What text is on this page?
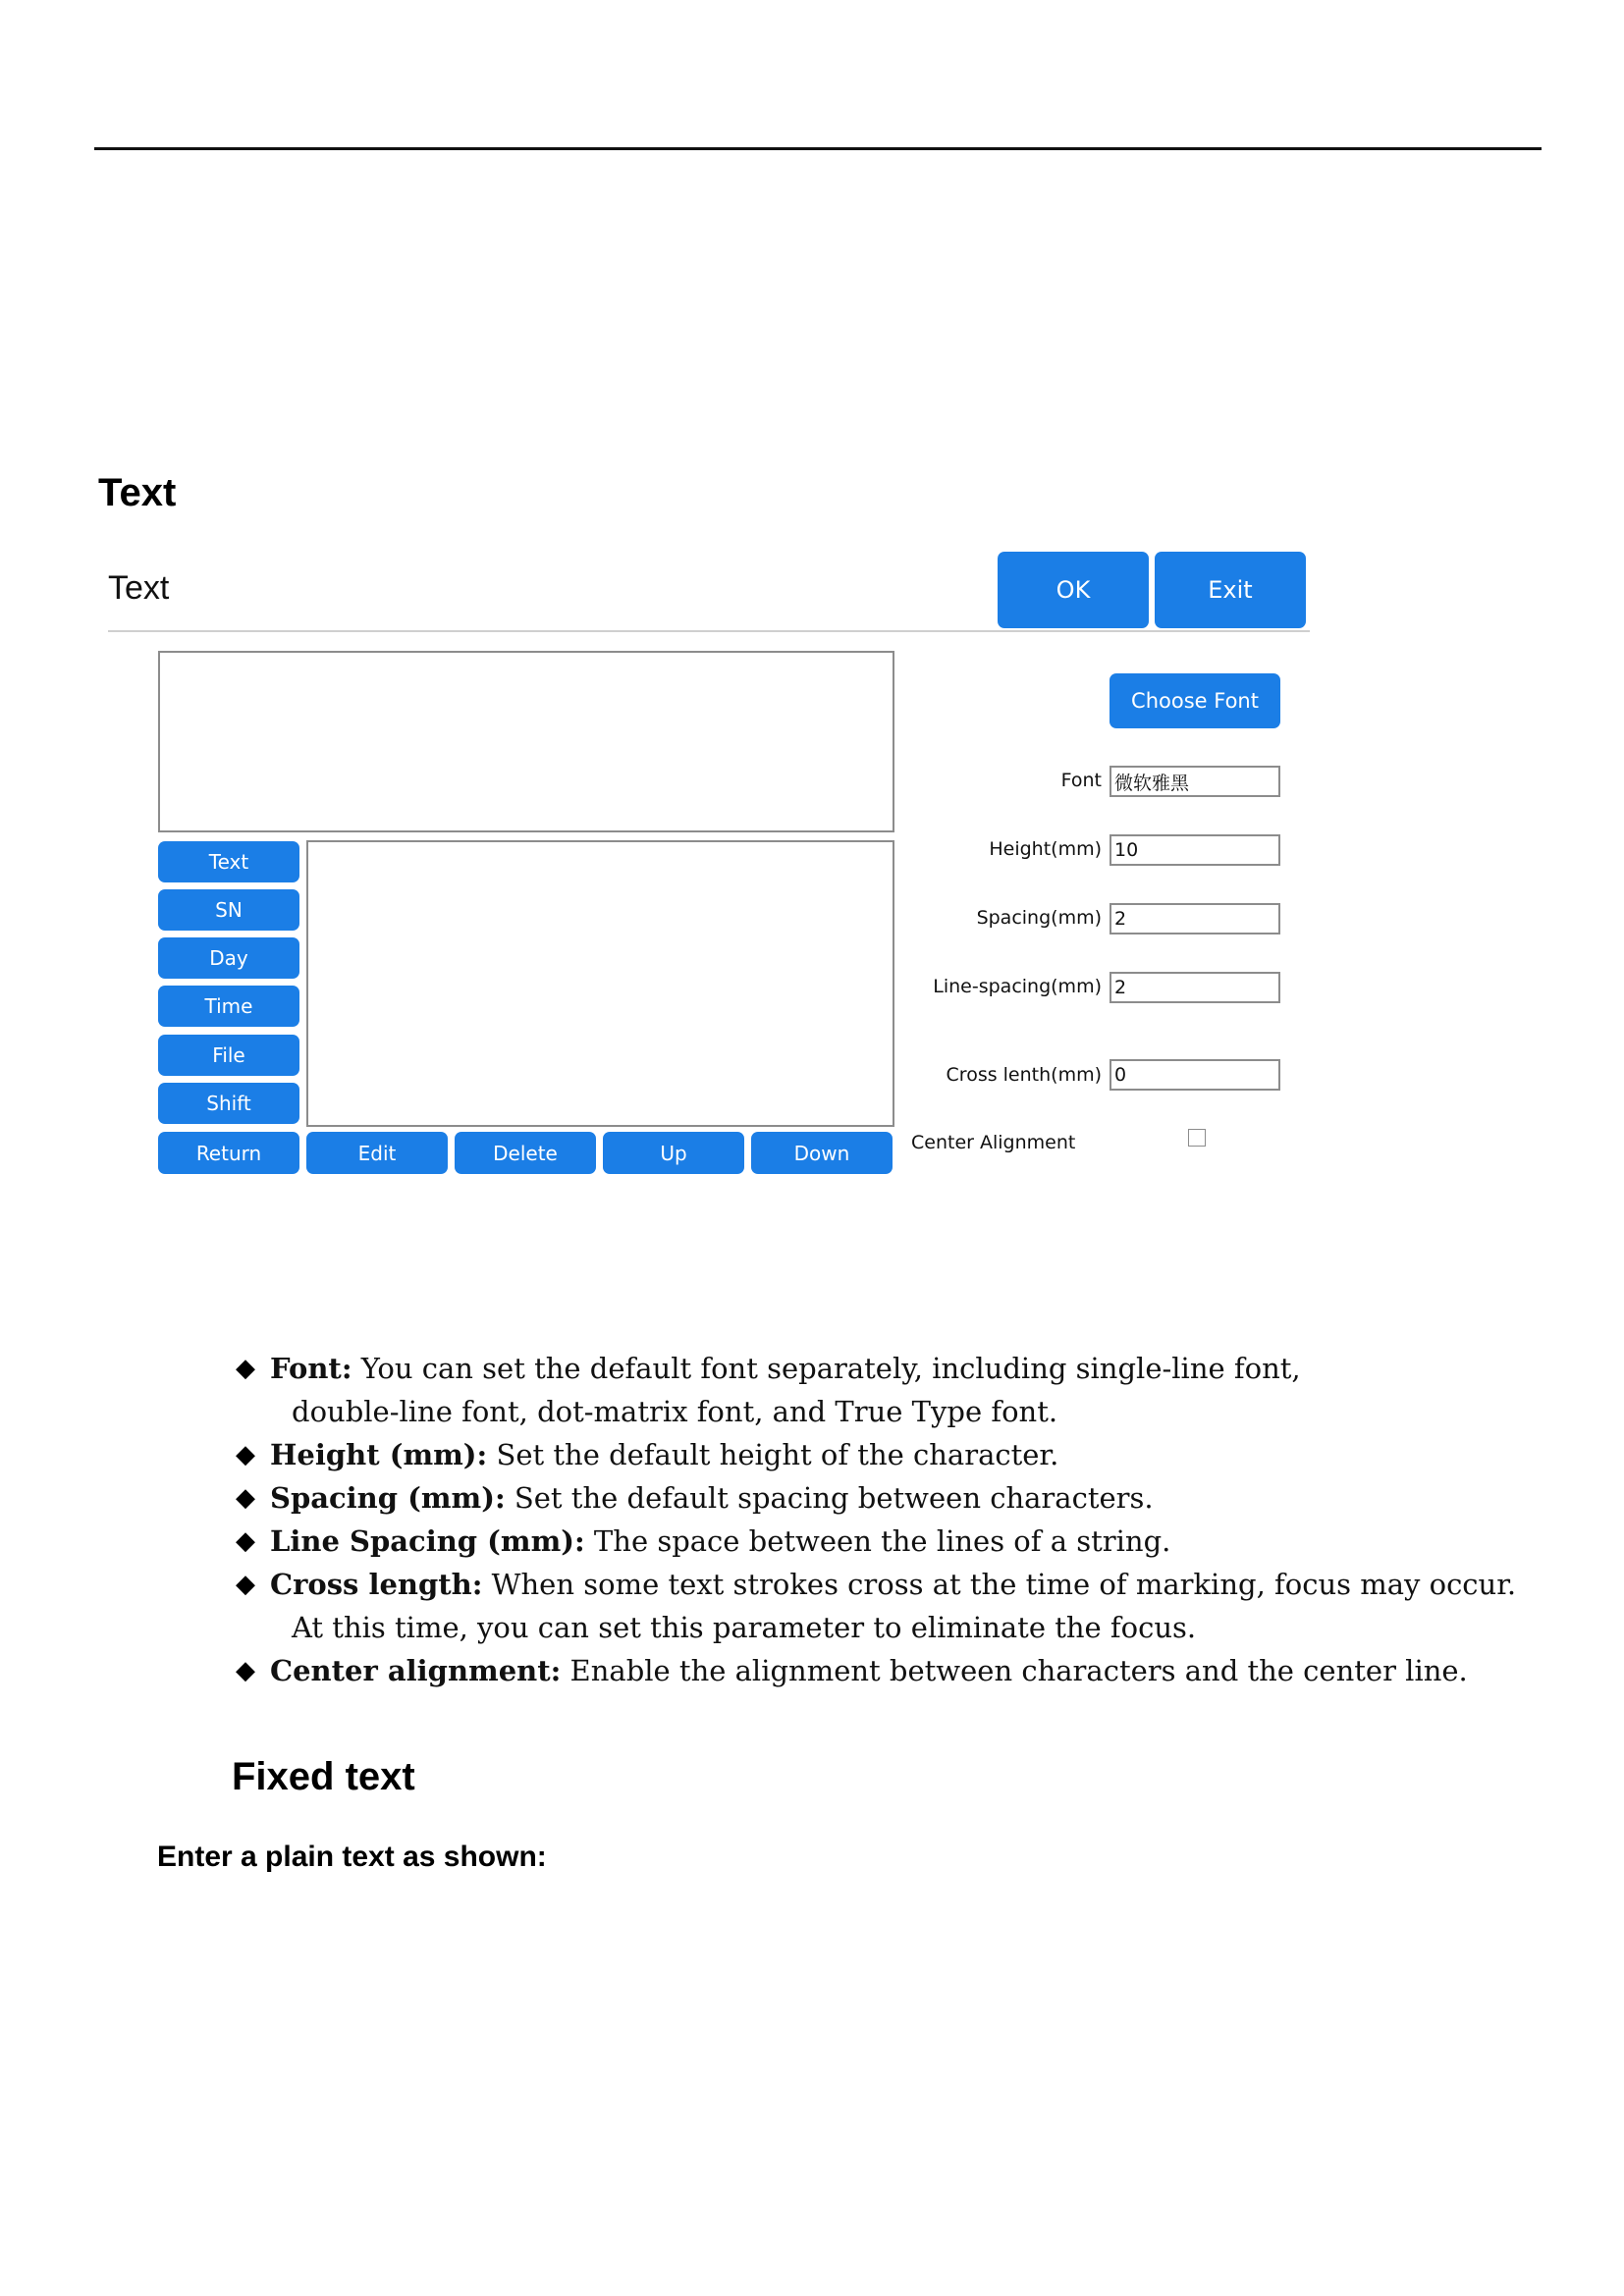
Text
Text	OK	Exit
Text
SN
Day
Time
File
Shift
Return	Edit	Delete	Up	Down
Choose Font
Font
微软雅黑
Height(mm)
10
Spacing(mm)
2
Line-spacing(mm)
2
Cross lenth(mm)
0
Center Alignment
◆ Font: You can set the default font separately, including single-line font,
double-line font, dot-matrix font, and True Type font.
◆ Height (mm): Set the default height of the character.
◆ Spacing (mm): Set the default spacing between characters.
◆ Line Spacing (mm): The space between the lines of a string.
◆ Cross length: When some text strokes cross at the time of marking, focus may occur.
At this time, you can set this parameter to eliminate the focus.
◆ Center alignment: Enable the alignment between characters and the center line.
Fixed text
Enter a plain text as shown:
